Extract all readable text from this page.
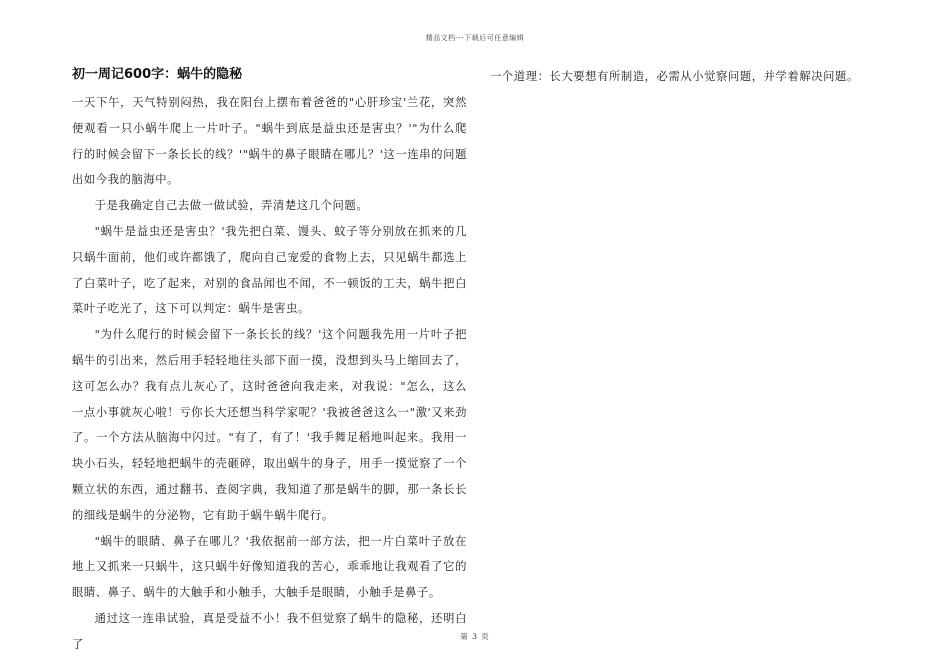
精品文档---下载后可任意编辑
初一周记600字：蜗牛的隐秘

一天下午，天气特别闷热，我在阳台上摆布着爸爸的"心肝珍宝'兰花，突然便观看一只小蜗牛爬上一片叶子。"蜗牛到底是益虫还是害虫？'"为什么爬行的时候会留下一条长长的线？'"蜗牛的鼻子眼睛在哪儿？'这一连串的问题出如今我的脑海中。

于是我确定自己去做一做试验，弄清楚这几个问题。

"蜗牛是益虫还是害虫？'我先把白菜、馒头、蚊子等分别放在抓来的几只蜗牛面前，他们或许都饿了，爬向自己宠爱的食物上去，只见蜗牛都选上了白菜叶子，吃了起来，对别的食品闻也不闻，不一顿饭的工夫，蜗牛把白菜叶子吃光了，这下可以判定：蜗牛是害虫。

"为什么爬行的时候会留下一条长长的线？'这个问题我先用一片叶子把蜗牛的引出来，然后用手轻轻地往头部下面一摸，没想到头马上缩回去了，这可怎么办？我有点儿灰心了，这时爸爸向我走来，对我说："怎么，这么一点小事就灰心啦！亏你长大还想当科学家呢？'我被爸爸这么一"激'又来劲了。一个方法从脑海中闪过。"有了，有了！'我手舞足稻地叫起来。我用一块小石头，轻轻地把蜗牛的壳砸碎，取出蜗牛的身子，用手一摸觉察了一个颗立状的东西，通过翻书、查阅字典，我知道了那是蜗牛的脚，那一条长长的细线是蜗牛的分泌物，它有助于蜗牛蜗牛爬行。

"蜗牛的眼睛、鼻子在哪儿？'我依据前一部方法，把一片白菜叶子放在地上又抓来一只蜗牛，这只蜗牛好像知道我的苦心，乖乖地让我观看了它的眼睛、鼻子、蜗牛的大触手和小触手，大触手是眼睛，小触手是鼻子。

通过这一连串试验，真是受益不小！我不但觉察了蜗牛的隐秘，还明白了

一个道理：长大要想有所制造，必需从小觉察问题，并学着解决问题。

第 3 页
